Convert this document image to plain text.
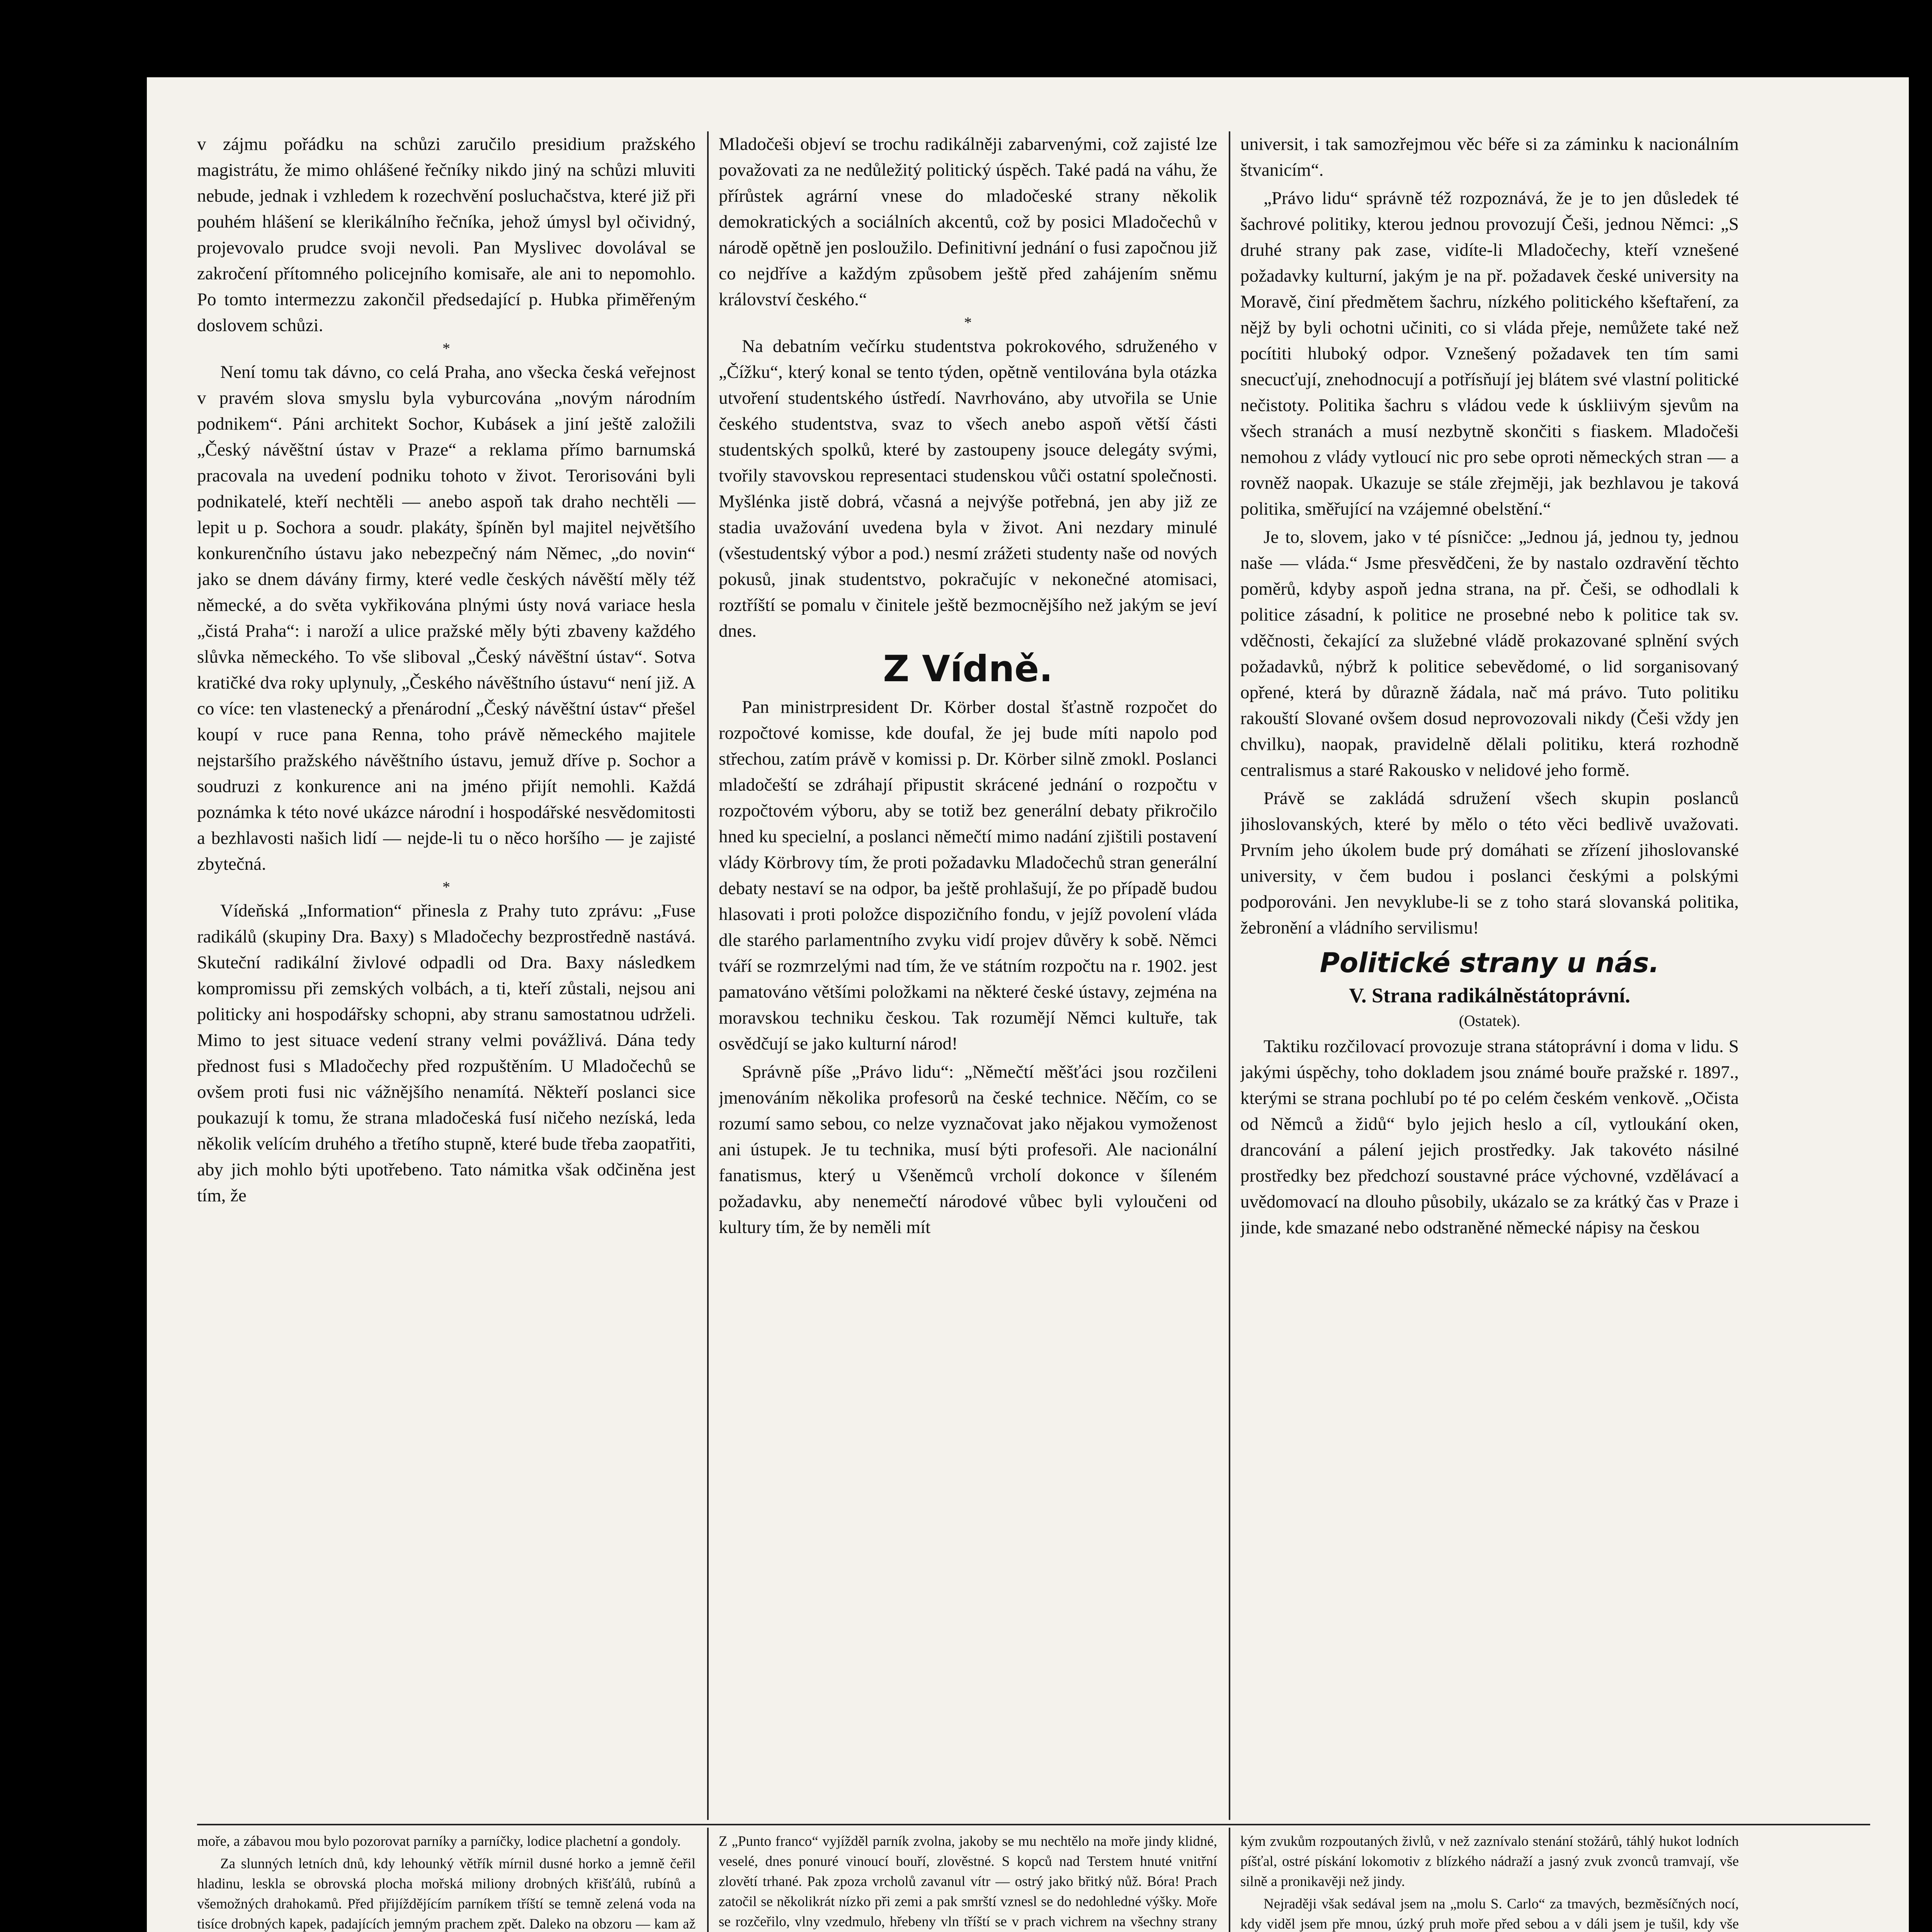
v zájmu pořádku na schůzi zaručilo presidium pražského magistrátu, že mimo ohlášené řečníky nikdo jiný na schůzi mluviti nebude, jednak i vzhledem k rozechvění posluchačstva, které již při pouhém hlášení se klerikálního řečníka, jehož úmysl byl očividný, projevovalo prudce svoji nevoli. Pan Myslivec dovolával se zakročení přítomného policejního komisaře, ale ani to nepomohlo. Po tomto intermezzu zakončil předsedající p. Hubka přiměřeným doslovem schůzi.

*

Není tomu tak dávno, co celá Praha, ano všecka česká veřejnost v pravém slova smyslu byla vyburcována „novým národním podnikem“. Páni architekt Sochor, Kubásek a jiní ještě založili „Český návěštní ústav v Praze“ a reklama přímo barnumská pracovala na uvedení podniku tohoto v život. Terorisováni byli podnikatelé, kteří nechtěli — anebo aspoň tak draho nechtěli — lepit u p. Sochora a soudr. plakáty, špíněn byl majitel největšího konkurenčního ústavu jako nebezpečný nám Němec, „do novin“ jako se dnem dávány firmy, které vedle českých návěští měly též německé, a do světa vykřikována plnými ústy nová variace hesla „čistá Praha“: i naroží a ulice pražské měly býti zbaveny každého slůvka německého. To vše sliboval „Český návěštní ústav“. Sotva kratičké dva roky uplynuly, „Českého návěštního ústavu“ není již. A co více: ten vlastenecký a přenárodní „Český návěštní ústav“ přešel koupí v ruce pana Renna, toho právě německého majitele nejstaršího pražského návěštního ústavu, jemuž dříve p. Sochor a soudruzi z konkurence ani na jméno přijít nemohli. Každá poznámka k této nové ukázce národní i hospodářské nesvědomitosti a bezhlavosti našich lidí — nejde-li tu o něco horšího — je zajisté zbytečná.

*

Vídeňská „Information“ přinesla z Prahy tuto zprávu: „Fuse radikálů (skupiny Dra. Baxy) s Mladočechy bezprostředně nastává. Skuteční radikální živlové odpadli od Dra. Baxy následkem kompromissu při zemských volbách, a ti, kteří zůstali, nejsou ani politicky ani hospodářsky schopni, aby stranu samostatnou udrželi. Mimo to jest situace vedení strany velmi povážlivá. Dána tedy přednost fusi s Mladočechy před rozpuštěním. U Mladočechů se ovšem proti fusi nic vážnějšího nenamítá. Někteří poslanci sice poukazují k tomu, že strana mladočeská fusí ničeho nezíská, leda několik velícím druhého a třetího stupně, které bude třeba zaopatřiti, aby jich mohlo býti upotřebeno. Tato námitka však odčiněna jest tím, že

Mladočeši objeví se trochu radikálněji zabarvenými, což zajisté lze považovati za ne nedůležitý politický úspěch. Také padá na váhu, že přírůstek agrární vnese do mladočeské strany několik demokratických a sociálních akcentů, což by posici Mladočechů v národě opětně jen posloužilo. Definitivní jednání o fusi započnou již co nejdříve a každým způsobem ještě před zahájením sněmu království českého.“

*

Na debatním večírku studentstva pokrokového, sdruženého v „Čížku“, který konal se tento týden, opětně ventilována byla otázka utvoření studentského ústředí. Navrhováno, aby utvořila se Unie českého studentstva, svaz to všech anebo aspoň větší části studentských spolků, které by zastoupeny jsouce delegáty svými, tvořily stavovskou representaci studenskou vůči ostatní společnosti. Myšlénka jistě dobrá, včasná a nejvýše potřebná, jen aby již ze stadia uvažování uvedena byla v život. Ani nezdary minulé (všestudentský výbor a pod.) nesmí zrážeti studenty naše od nových pokusů, jinak studentstvo, pokračujíc v nekonečné atomisaci, roztříští se pomalu v činitele ještě bezmocnějšího než jakým se jeví dnes.

Z Vídně.

Pan ministrpresident Dr. Körber dostal šťastně rozpočet do rozpočtové komisse, kde doufal, že jej bude míti napolo pod střechou, zatím právě v komissi p. Dr. Körber silně zmokl. Poslanci mladočeští se zdráhají připustit skrácené jednání o rozpočtu v rozpočtovém výboru, aby se totiž bez generální debaty přikročilo hned ku specielní, a poslanci němečtí mimo nadání zjištili postavení vlády Körbrovy tím, že proti požadavku Mladočechů stran generální debaty nestaví se na odpor, ba ještě prohlašují, že po případě budou hlasovati i proti položce dispozičního fondu, v jejíž povolení vláda dle starého parlamentního zvyku vidí projev důvěry k sobě. Němci tváří se rozmrzelými nad tím, že ve státním rozpočtu na r. 1902. jest pamatováno většími položkami na některé české ústavy, zejména na moravskou techniku českou. Tak rozumějí Němci kultuře, tak osvědčují se jako kulturní národ!

Správně píše „Právo lidu“: „Němečtí měšťáci jsou rozčileni jmenováním několika profesorů na české technice. Něčím, co se rozumí samo sebou, co nelze vyznačovat jako nějakou vymoženost ani ústupek. Je tu technika, musí býti profesoři. Ale nacionální fanatismus, který u Všeněmců vrcholí dokonce v šíleném požadavku, aby nenemečtí národové vůbec byli vyloučeni od kultury tím, že by neměli mít

universit, i tak samozřejmou věc béře si za záminku k nacionálním štvanicím“.

„Právo lidu“ správně též rozpoznává, že je to jen důsledek té šachrové politiky, kterou jednou provozují Češi, jednou Němci: „S druhé strany pak zase, vidíte-li Mladočechy, kteří vznešené požadavky kulturní, jakým je na př. požadavek české university na Moravě, činí předmětem šachru, nízkého politického kšeftaření, za nějž by byli ochotni učiniti, co si vláda přeje, nemůžete také než pocítiti hluboký odpor. Vznešený požadavek ten tím sami snecucťují, znehodnocují a potřísňují jej blátem své vlastní politické nečistoty. Politika šachru s vládou vede k úskliivým sjevům na všech stranách a musí nezbytně skončiti s fiaskem. Mladočeši nemohou z vlády vytloucí nic pro sebe oproti německých stran — a rovněž naopak. Ukazuje se stále zřejměji, jak bezhlavou je taková politika, směřující na vzájemné obelstění.“

Je to, slovem, jako v té písničce: „Jednou já, jednou ty, jednou naše — vláda.“ Jsme přesvědčeni, že by nastalo ozdravění těchto poměrů, kdyby aspoň jedna strana, na př. Češi, se odhodlali k politice zásadní, k politice ne prosebné nebo k politice tak sv. vděčnosti, čekající za služebné vládě prokazované splnění svých požadavků, nýbrž k politice sebevědomé, o lid sorganisovaný opřené, která by důrazně žádala, nač má právo. Tuto politiku rakouští Slované ovšem dosud neprovozovali nikdy (Češi vždy jen chvilku), naopak, pravidelně dělali politiku, která rozhodně centralismus a staré Rakousko v nelidové jeho formě.

Právě se zakládá sdružení všech skupin poslanců jihoslovanských, které by mělo o této věci bedlivě uvažovati. Prvním jeho úkolem bude prý domáhati se zřízení jihoslovanské university, v čem budou i poslanci českými a polskými podporováni. Jen nevyklube-li se z toho stará slovanská politika, žebronění a vládního servilismu!

Politické strany u nás.
V. Strana radikálněstátoprávní.
(Ostatek).

Taktiku rozčilovací provozuje strana státoprávní i doma v lidu. S jakými úspěchy, toho dokladem jsou známé bouře pražské r. 1897., kterými se strana pochlubí po té po celém českém venkově. „Očista od Němců a židů“ bylo jejich heslo a cíl, vytloukání oken, drancování a pálení jejich prostředky. Jak takovéto násilné prostředky bez předchozí soustavné práce výchovné, vzdělávací a uvědomovací na dlouho působily, ukázalo se za krátký čas v Praze i jinde, kde smazané nebo odstraněné německé nápisy na českou

moře, a zábavou mou bylo pozorovat parníky a parníčky, lodice plachetní a gondoly.

Za slunných letních dnů, kdy lehounký větřík mírnil dusné horko a jemně čeřil hladinu, leskla se obrovská plocha mořská miliony drobných křišťálů, rubínů a všemožných drahokamů. Před přijíždějícím parníkem tříští se temně zelená voda na tisíce drobných kapek, padajících jemným prachem zpět. Daleko na obzoru — kam až

Z „Punto franco“ vyjížděl parník zvolna, jakoby se mu nechtělo na moře jindy klidné, veselé, dnes ponuré vinoucí bouří, zlověstné. S kopců nad Terstem hnuté vnitřní zlovětí trhané. Pak zpoza vrcholů zavanul vítr — ostrý jako břitký nůž. Bóra! Prach zatočil se několikrát nízko při zemi a pak smrští vznesl se do nedohledné výšky. Moře se rozčeřilo, vlny vzedmulo, hřebeny vln tříští se v prach vichrem na všechny strany

kým zvukům rozpoutaných živlů, v než zaznívalo stenání stožárů, táhlý hukot lodních píšťal, ostré pískání lokomotiv z blízkého nádraží a jasný zvuk zvonců tramvají, vše silně a pronikavěji než jindy.

Nejraději však sedával jsem na „molu S. Carlo“ za tmavých, bezměsíčných nocí, kdy viděl jsem pře mnou, úzký pruh moře před sebou a v dáli jsem je tušil, kdy vše
